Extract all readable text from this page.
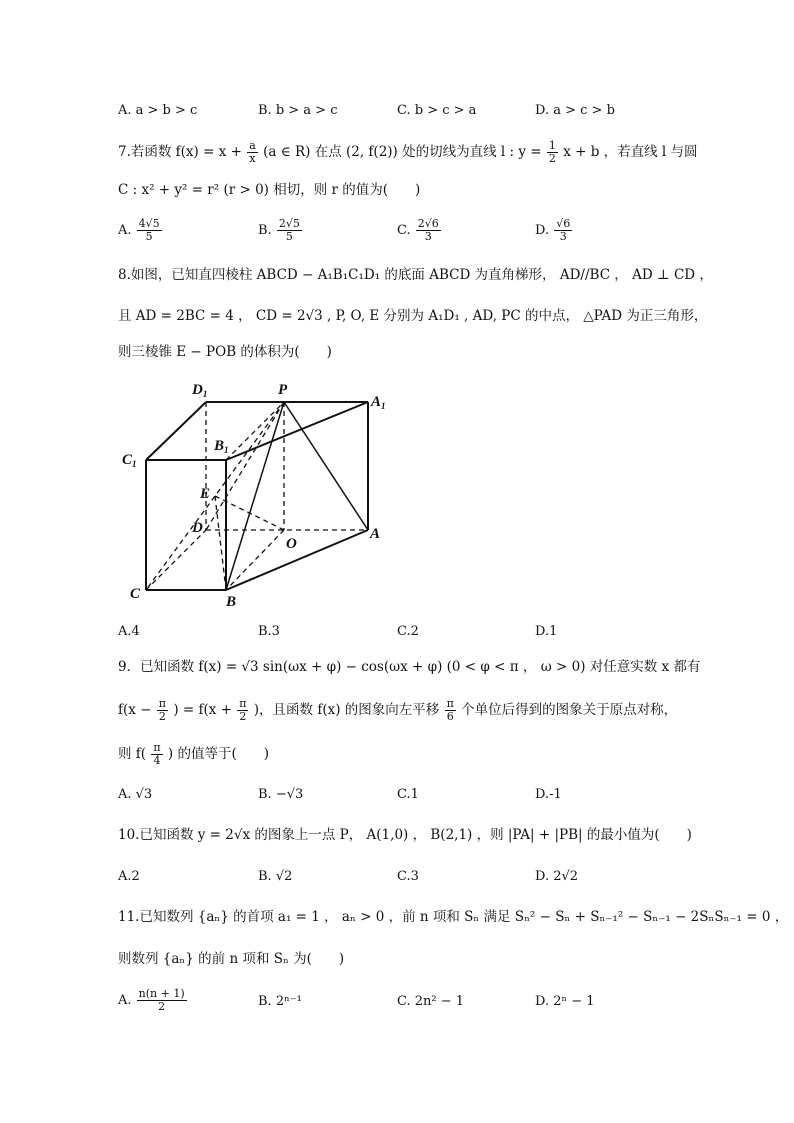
A. a > b > c	B. b > a > c	C. b > c > a	D. a > c > b
7.若函数 $f(x) = x + \frac{a}{x} (a$ ∈ R) 在点 (2, f(2)) 处的切线为直线 l : $y = \frac{1}{2}$ x + b ，若直线 l 与圆
C : x² + y² = r² (r > 0) 相切，则 r 的值为(　　)
A. $\frac{4√5}{5}$	B. $\frac{2√5}{5}$	C. $\frac{2√6}{3}$	D. $\frac{√6}{3}$
8.如图，已知直四棱柱 ABCD − A₁B₁C₁D₁ 的底面 ABCD 为直角梯形， AD//BC ， AD ⊥ CD ，
且 AD = 2BC = 4 ， CD = 2√3 , P, O, E 分别为 A₁D₁ , AD, PC 的中点， △PAD 为正三角形，
则三棱锥 E − POB 的体积为(　　)
$D_1$	P
$A_1$
$B_1$
$C_1$
E
D
O
A
C	B
A.4	B.3	C.2	D.1
9．已知函数 f(x) = √3 sin(ωx + φ) − cos(ωx + φ) (0 < φ < π ， ω > 0) 对任意实数 x 都有
$f(x - \frac{\pi}{2}$ ) = $f(x + \frac{\pi}{2}$ )，且函数 f(x) 的图象向左平移 $\frac{\pi}{6}$ 个单位后得到的图象关于原点对称，
则 $f( \frac{\pi}{4}$ ) 的值等于(　　)
A. √3	B. −√3	C.1	D.-1
10.已知函数 y = 2√x 的图象上一点 P， A(1,0) ， B(2,1) ，则 |PA| + |PB| 的最小值为(　　)
A.2	B. √2	C.3	D. 2√2
11.已知数列 {aₙ} 的首项 a₁ = 1 ， aₙ > 0 ，前 n 项和 Sₙ 满足 Sₙ² − Sₙ + Sₙ₋₁² − Sₙ₋₁ − 2SₙSₙ₋₁ = 0 ，
则数列 {aₙ} 的前 n 项和 Sₙ 为(　　)
A. $\frac{n(n + 1)}{2}$	B. 2ⁿ⁻¹	C. 2n² − 1	D. 2ⁿ − 1
